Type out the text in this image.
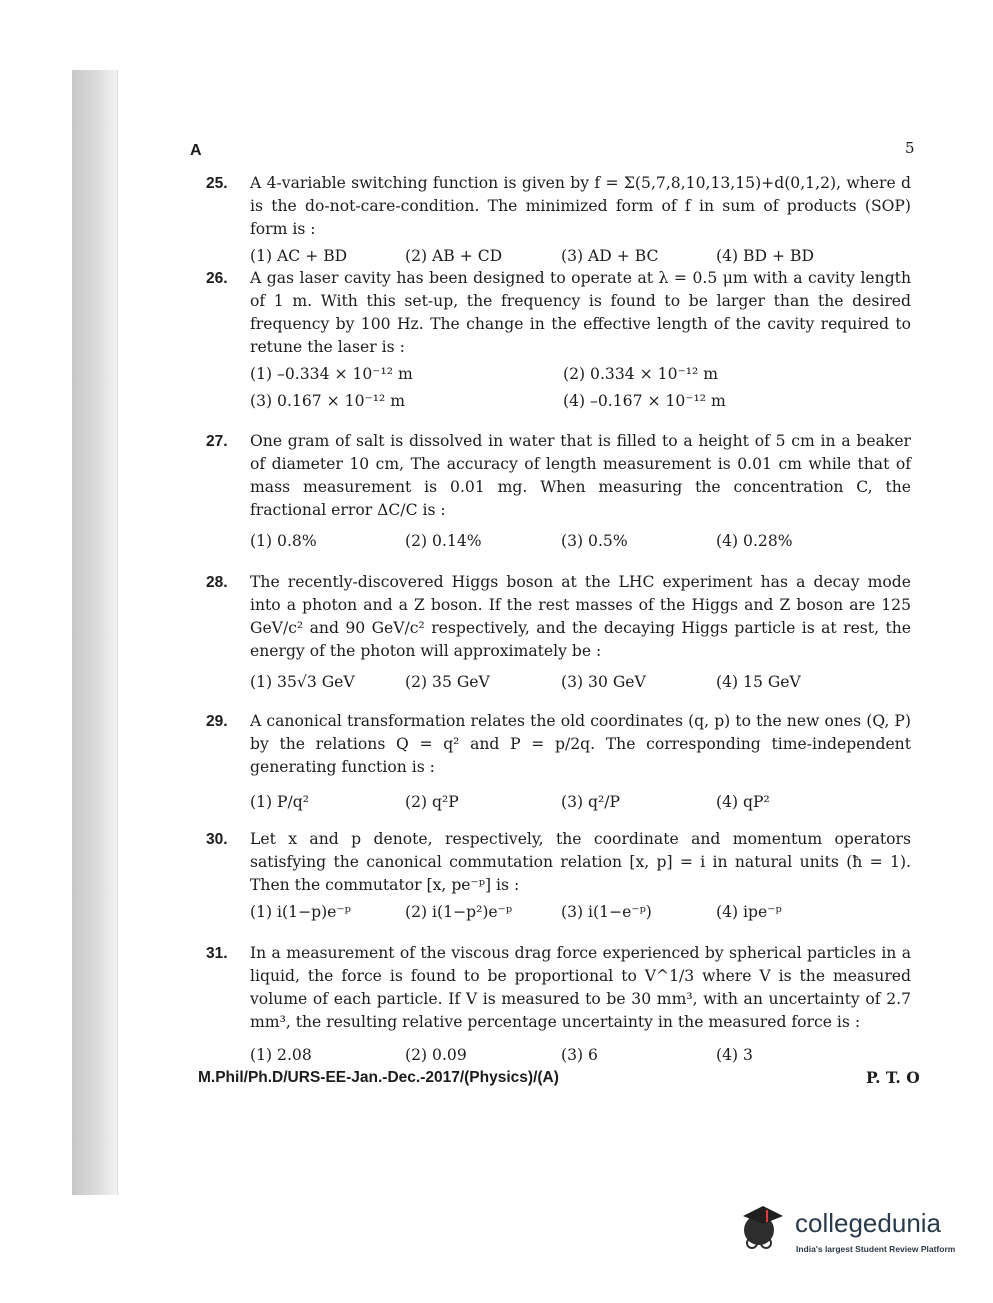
A	5
25.	A 4-variable switching function is given by f = Σ(5,7,8,10,13,15)+d(0,1,2), where d is the do-not-care-condition. The minimized form of f in sum of products (SOP) form is :
(1) AC + BD	(2) AB + CD	(3) AD + BC	(4) BD + BD
26.	A gas laser cavity has been designed to operate at λ = 0.5 μm with a cavity length of 1 m. With this set-up, the frequency is found to be larger than the desired frequency by 100 Hz. The change in the effective length of the cavity required to retune the laser is :
(1) –0.334 × 10⁻¹² m	(2) 0.334 × 10⁻¹² m
(3) 0.167 × 10⁻¹² m	(4) –0.167 × 10⁻¹² m
27.	One gram of salt is dissolved in water that is filled to a height of 5 cm in a beaker of diameter 10 cm, The accuracy of length measurement is 0.01 cm while that of mass measurement is 0.01 mg. When measuring the concentration C, the fractional error ΔC/C is :
(1) 0.8%	(2) 0.14%	(3) 0.5%	(4) 0.28%
28.	The recently-discovered Higgs boson at the LHC experiment has a decay mode into a photon and a Z boson. If the rest masses of the Higgs and Z boson are 125 GeV/c² and 90 GeV/c² respectively, and the decaying Higgs particle is at rest, the energy of the photon will approximately be :
(1) 35√3 GeV	(2) 35 GeV	(3) 30 GeV	(4) 15 GeV
29.	A canonical transformation relates the old coordinates (q, p) to the new ones (Q, P) by the relations Q = q² and P = p/2q. The corresponding time-independent generating function is :
(1) P/q²	(2) q²P	(3) q²/P	(4) qP²
30.	Let x and p denote, respectively, the coordinate and momentum operators satisfying the canonical commutation relation [x, p] = i in natural units (ħ = 1). Then the commutator [x, pe⁻ᵖ] is :
(1) i(1−p)e⁻ᵖ	(2) i(1−p²)e⁻ᵖ	(3) i(1−e⁻ᵖ)	(4) ipe⁻ᵖ
31.	In a measurement of the viscous drag force experienced by spherical particles in a liquid, the force is found to be proportional to V^1/3 where V is the measured volume of each particle. If V is measured to be 30 mm³, with an uncertainty of 2.7 mm³, the resulting relative percentage uncertainty in the measured force is :
(1) 2.08	(2) 0.09	(3) 6	(4) 3
M.Phil/Ph.D/URS-EE-Jan.-Dec.-2017/(Physics)/(A)	P. T. O
collegedunia
India's largest Student Review Platform
